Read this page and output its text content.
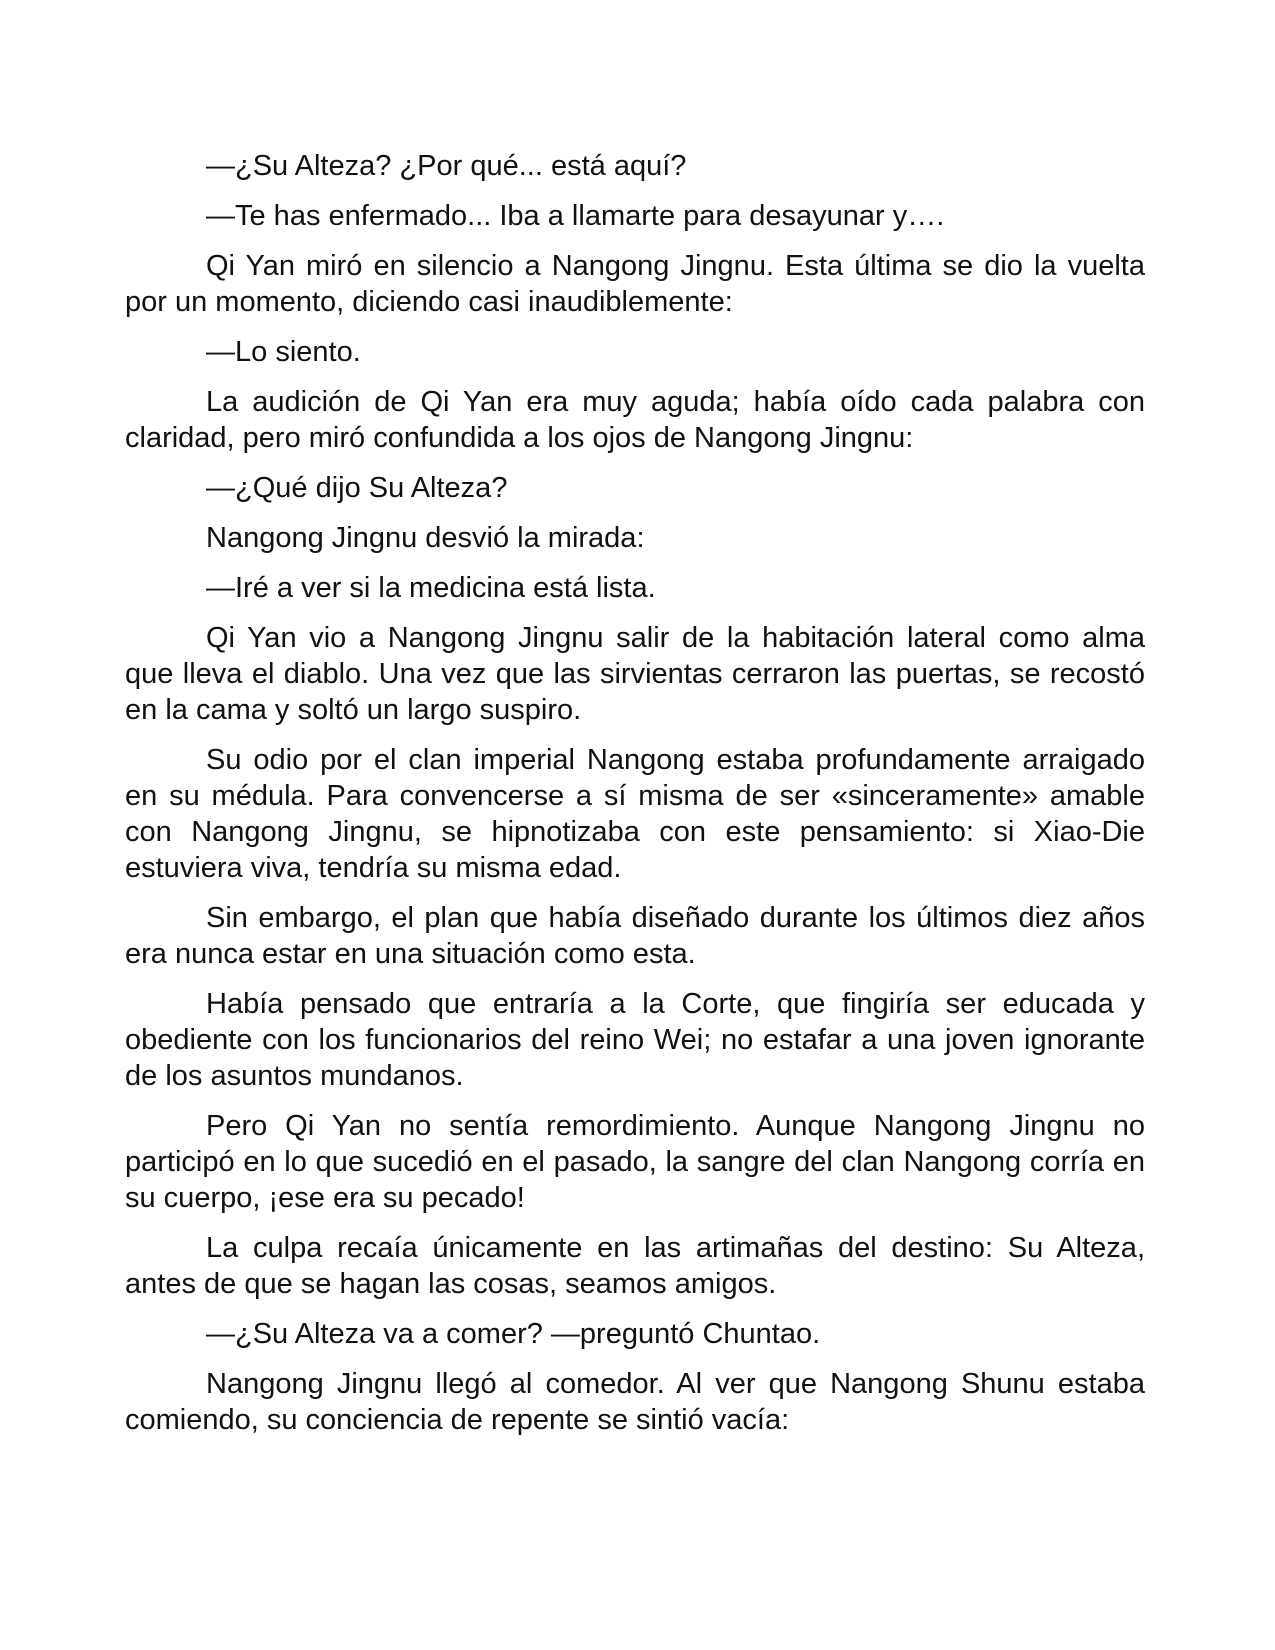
—¿Su Alteza? ¿Por qué... está aquí?

—Te has enfermado... Iba a llamarte para desayunar y….

Qi Yan miró en silencio a Nangong Jingnu. Esta última se dio la vuelta por un momento, diciendo casi inaudiblemente:

—Lo siento.

La audición de Qi Yan era muy aguda; había oído cada palabra con claridad, pero miró confundida a los ojos de Nangong Jingnu:

—¿Qué dijo Su Alteza?

Nangong Jingnu desvió la mirada:

—Iré a ver si la medicina está lista.

Qi Yan vio a Nangong Jingnu salir de la habitación lateral como alma que lleva el diablo. Una vez que las sirvientas cerraron las puertas, se recostó en la cama y soltó un largo suspiro.

Su odio por el clan imperial Nangong estaba profundamente arraigado en su médula. Para convencerse a sí misma de ser «sinceramente» amable con Nangong Jingnu, se hipnotizaba con este pensamiento: si Xiao-Die estuviera viva, tendría su misma edad.

Sin embargo, el plan que había diseñado durante los últimos diez años era nunca estar en una situación como esta.

Había pensado que entraría a la Corte, que fingiría ser educada y obediente con los funcionarios del reino Wei; no estafar a una joven ignorante de los asuntos mundanos.

Pero Qi Yan no sentía remordimiento. Aunque Nangong Jingnu no participó en lo que sucedió en el pasado, la sangre del clan Nangong corría en su cuerpo, ¡ese era su pecado!

La culpa recaía únicamente en las artimañas del destino: Su Alteza, antes de que se hagan las cosas, seamos amigos.

—¿Su Alteza va a comer? —preguntó Chuntao.

Nangong Jingnu llegó al comedor. Al ver que Nangong Shunu estaba comiendo, su conciencia de repente se sintió vacía:
